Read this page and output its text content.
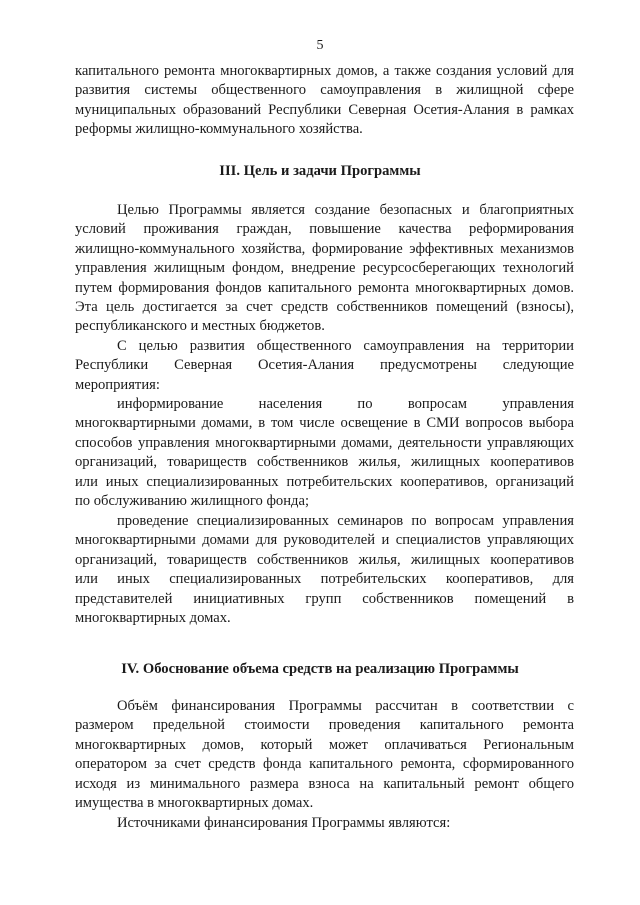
5
капитального ремонта многоквартирных домов, а также создания условий для
развития системы общественного самоуправления в жилищной сфере
муниципальных образований Республики Северная Осетия-Алания в рамках
реформы жилищно-коммунального хозяйства.
III. Цель и задачи Программы
Целью Программы является создание безопасных и благоприятных
условий проживания граждан, повышение качества реформирования
жилищно-коммунального хозяйства, формирование эффективных механизмов
управления жилищным фондом, внедрение ресурсосберегающих технологий
путем формирования фондов капитального ремонта многоквартирных домов.
Эта цель достигается за счет средств собственников помещений (взносы),
республиканского и местных бюджетов.
С целью развития общественного самоуправления на территории
Республики Северная Осетия-Алания предусмотрены следующие
мероприятия:
информирование населения по вопросам управления
многоквартирными домами, в том числе освещение в СМИ вопросов выбора
способов управления многоквартирными домами, деятельности управляющих
организаций, товариществ собственников жилья, жилищных кооперативов
или иных специализированных потребительских кооперативов, организаций
по обслуживанию жилищного фонда;
проведение специализированных семинаров по вопросам управления
многоквартирными домами для руководителей и специалистов управляющих
организаций, товариществ собственников жилья, жилищных кооперативов
или иных специализированных потребительских кооперативов, для
представителей инициативных групп собственников помещений в
многоквартирных домах.
IV. Обоснование объема средств на реализацию Программы
Объём финансирования Программы рассчитан в соответствии с
размером предельной стоимости проведения капитального ремонта
многоквартирных домов, который может оплачиваться Региональным
оператором за счет средств фонда капитального ремонта, сформированного
исходя из минимального размера взноса на капитальный ремонт общего
имущества в многоквартирных домах.
Источниками финансирования Программы являются:
